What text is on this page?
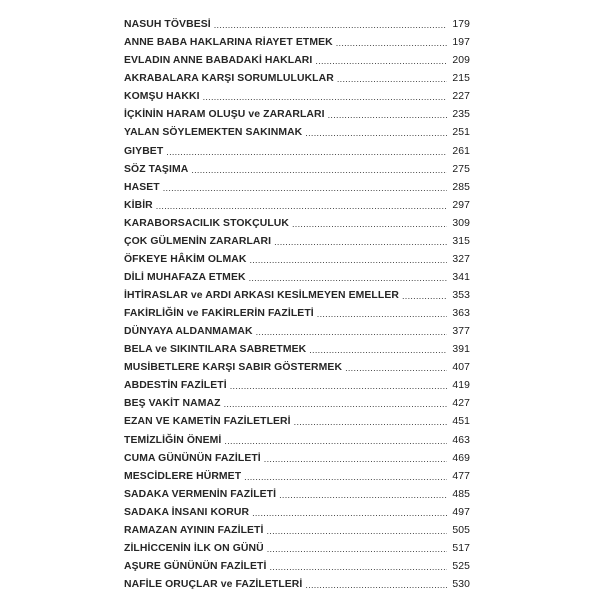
NASUH TÖVBESİ .....	179
ANNE BABA HAKLARINA RİAYET ETMEK .....	197
EVLADIN ANNE BABADAKİ HAKLARI .....	209
AKRABALARA KARŞI SORUMLULUKLAR .....	215
KOMŞU HAKKI .....	227
İÇKİNİN HARAM OLUŞU ve ZARARLARI .....	235
YALAN SÖYLEMEKTEN SAKINMAK .....	251
GIYBET .....	261
SÖZ TAŞIMA .....	275
HASET .....	285
KİBİR .....	297
KARABORSACILIK STOKÇULUK .....	309
ÇOK GÜLMENİN ZARARLARI .....	315
ÖFKEYE HÂKİM OLMAK .....	327
DİLİ MUHAFAZA ETMEK .....	341
İHTİRASLAR ve ARDI ARKASI KESİLMEYEN EMELLER .....	353
FAKİRLİĞİN ve FAKİRLERİN FAZİLETİ .....	363
DÜNYAYA ALDANMAMAK .....	377
BELA ve SIKINTILARA SABRETMEK .....	391
MUSİBETLERE KARŞI SABIR GÖSTERMEK .....	407
ABDESTİN FAZİLETİ .....	419
BEŞ VAKİT NAMAZ .....	427
EZAN VE KAMETİN FAZİLETLERİ .....	451
TEMİZLİĞİN ÖNEMİ .....	463
CUMA GÜNÜNÜN FAZİLETİ .....	469
MESCİDLERE HÜRMET .....	477
SADAKA VERMENİN FAZİLETİ .....	485
SADAKA İNSANI KORUR .....	497
RAMAZAN AYININ FAZİLETİ .....	505
ZİLHİCCENİN İLK ON GÜNÜ .....	517
AŞURE GÜNÜNÜN FAZİLETİ .....	525
NAFİLE ORUÇLAR ve FAZİLETLERİ .....	530
